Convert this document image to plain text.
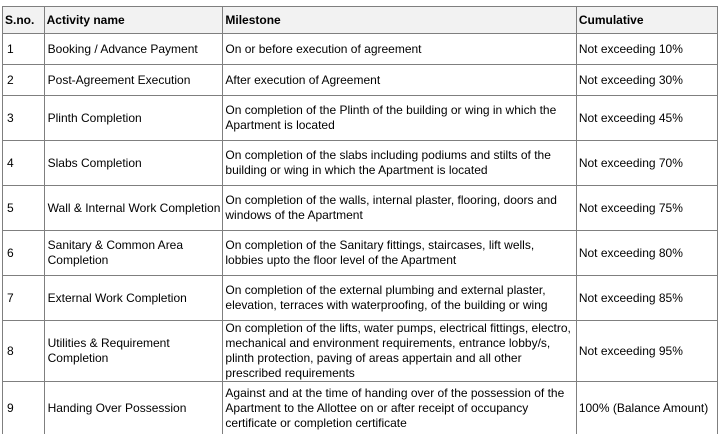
S.no.	Activity name	Milestone	Cumulative
1	Booking / Advance Payment	On or before execution of agreement	Not exceeding 10%
2	Post-Agreement Execution	After execution of Agreement	Not exceeding 30%
3	Plinth Completion	On completion of the Plinth of the building or wing in which the Apartment is located	Not exceeding 45%
4	Slabs Completion	On completion of the slabs including podiums and stilts of the building or wing in which the Apartment is located	Not exceeding 70%
5	Wall & Internal Work Completion	On completion of the walls, internal plaster, flooring, doors and windows of the Apartment	Not exceeding 75%
6	Sanitary & Common Area Completion	On completion of the Sanitary fittings, staircases, lift wells, lobbies upto the floor level of the Apartment	Not exceeding 80%
7	External Work Completion	On completion of the external plumbing and external plaster, elevation, terraces with waterproofing, of the building or wing	Not exceeding 85%
8	Utilities & Requirement Completion	On completion of the lifts, water pumps, electrical fittings, electro, mechanical and environment requirements, entrance lobby/s, plinth protection, paving of areas appertain and all other prescribed requirements	Not exceeding 95%
9	Handing Over Possession	Against and at the time of handing over of the possession of the Apartment to the Allottee on or after receipt of occupancy certificate or completion certificate	100% (Balance Amount)
